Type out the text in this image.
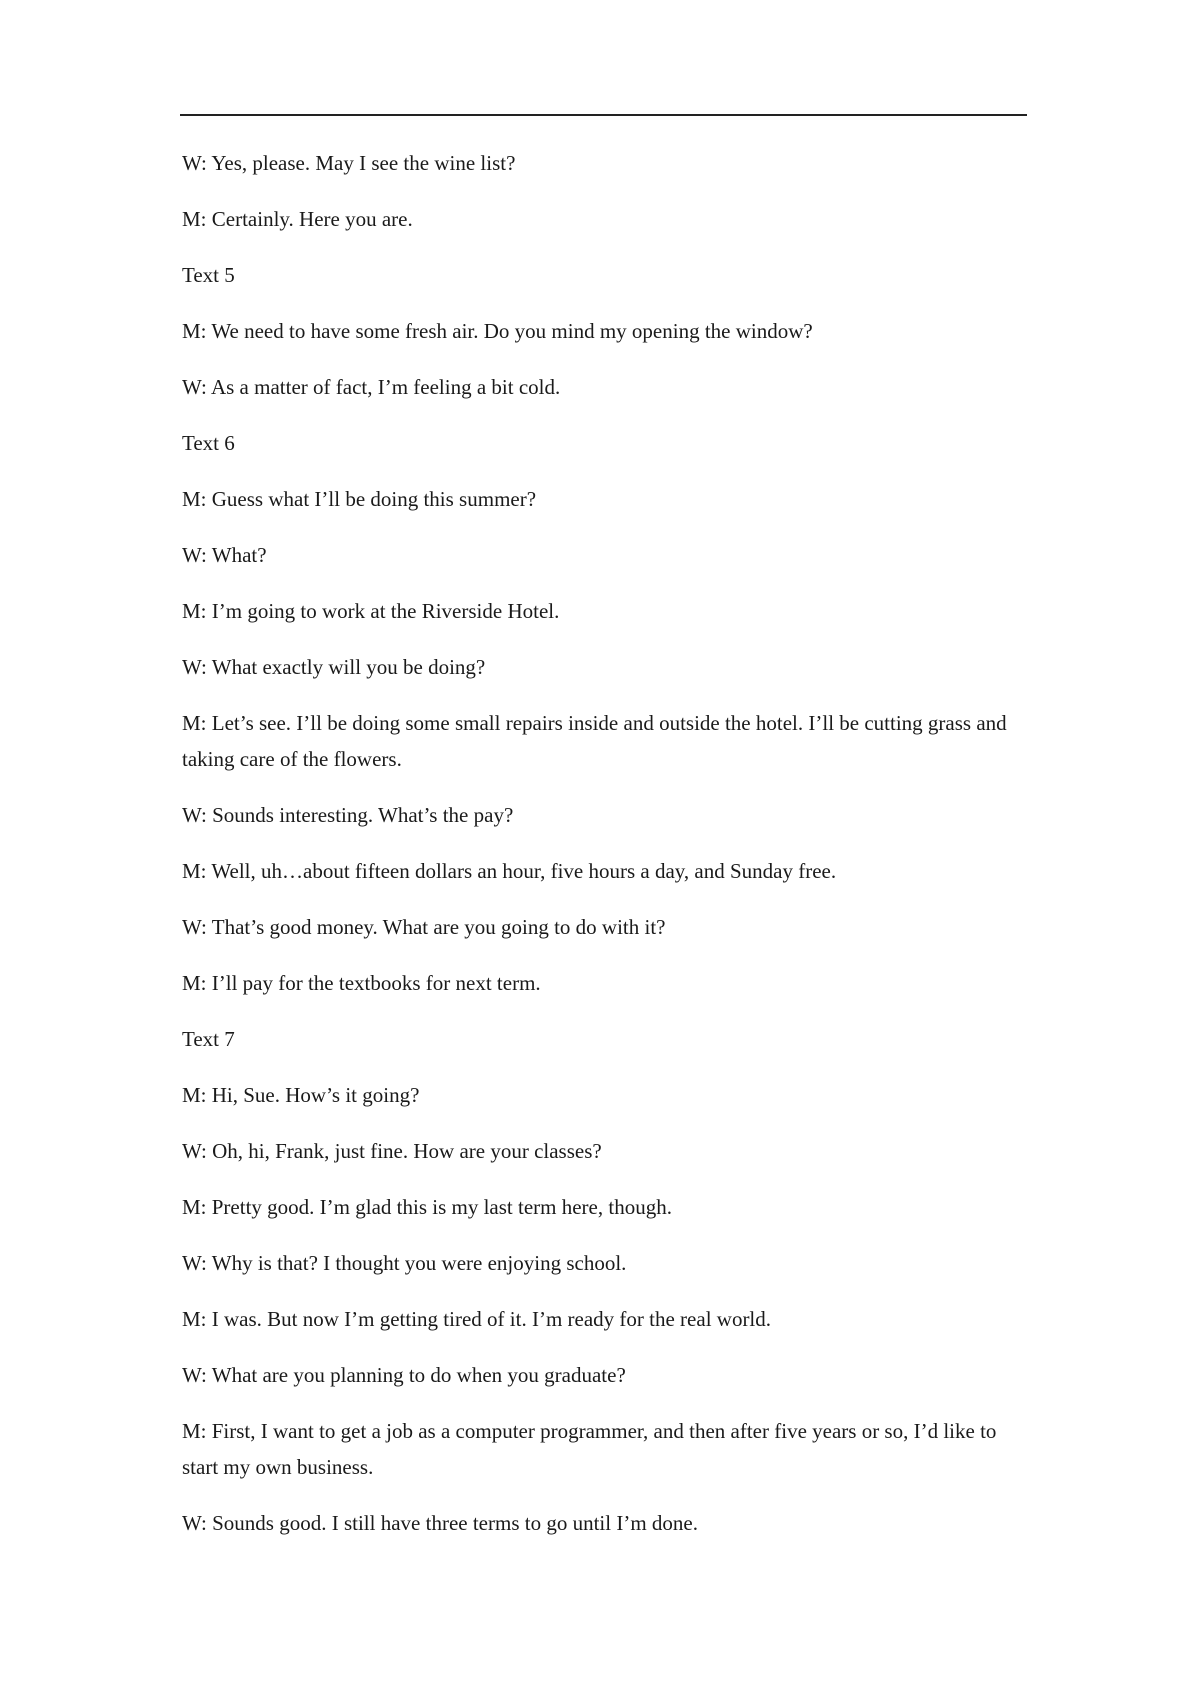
W: Yes, please. May I see the wine list?

M: Certainly. Here you are.

Text 5

M: We need to have some fresh air. Do you mind my opening the window?

W: As a matter of fact, I’m feeling a bit cold.

Text 6

M: Guess what I’ll be doing this summer?

W: What?

M: I’m going to work at the Riverside Hotel.

W: What exactly will you be doing?

M: Let’s see. I’ll be doing some small repairs inside and outside the hotel. I’ll be cutting grass and
taking care of the flowers.

W: Sounds interesting. What’s the pay?

M: Well, uh…about fifteen dollars an hour, five hours a day, and Sunday free.

W: That’s good money. What are you going to do with it?

M: I’ll pay for the textbooks for next term.

Text 7

M: Hi, Sue. How’s it going?

W: Oh, hi, Frank, just fine. How are your classes?

M: Pretty good. I’m glad this is my last term here, though.

W: Why is that? I thought you were enjoying school.

M: I was. But now I’m getting tired of it. I’m ready for the real world.

W: What are you planning to do when you graduate?

M: First, I want to get a job as a computer programmer, and then after five years or so, I’d like to
start my own business.

W: Sounds good. I still have three terms to go until I’m done.
